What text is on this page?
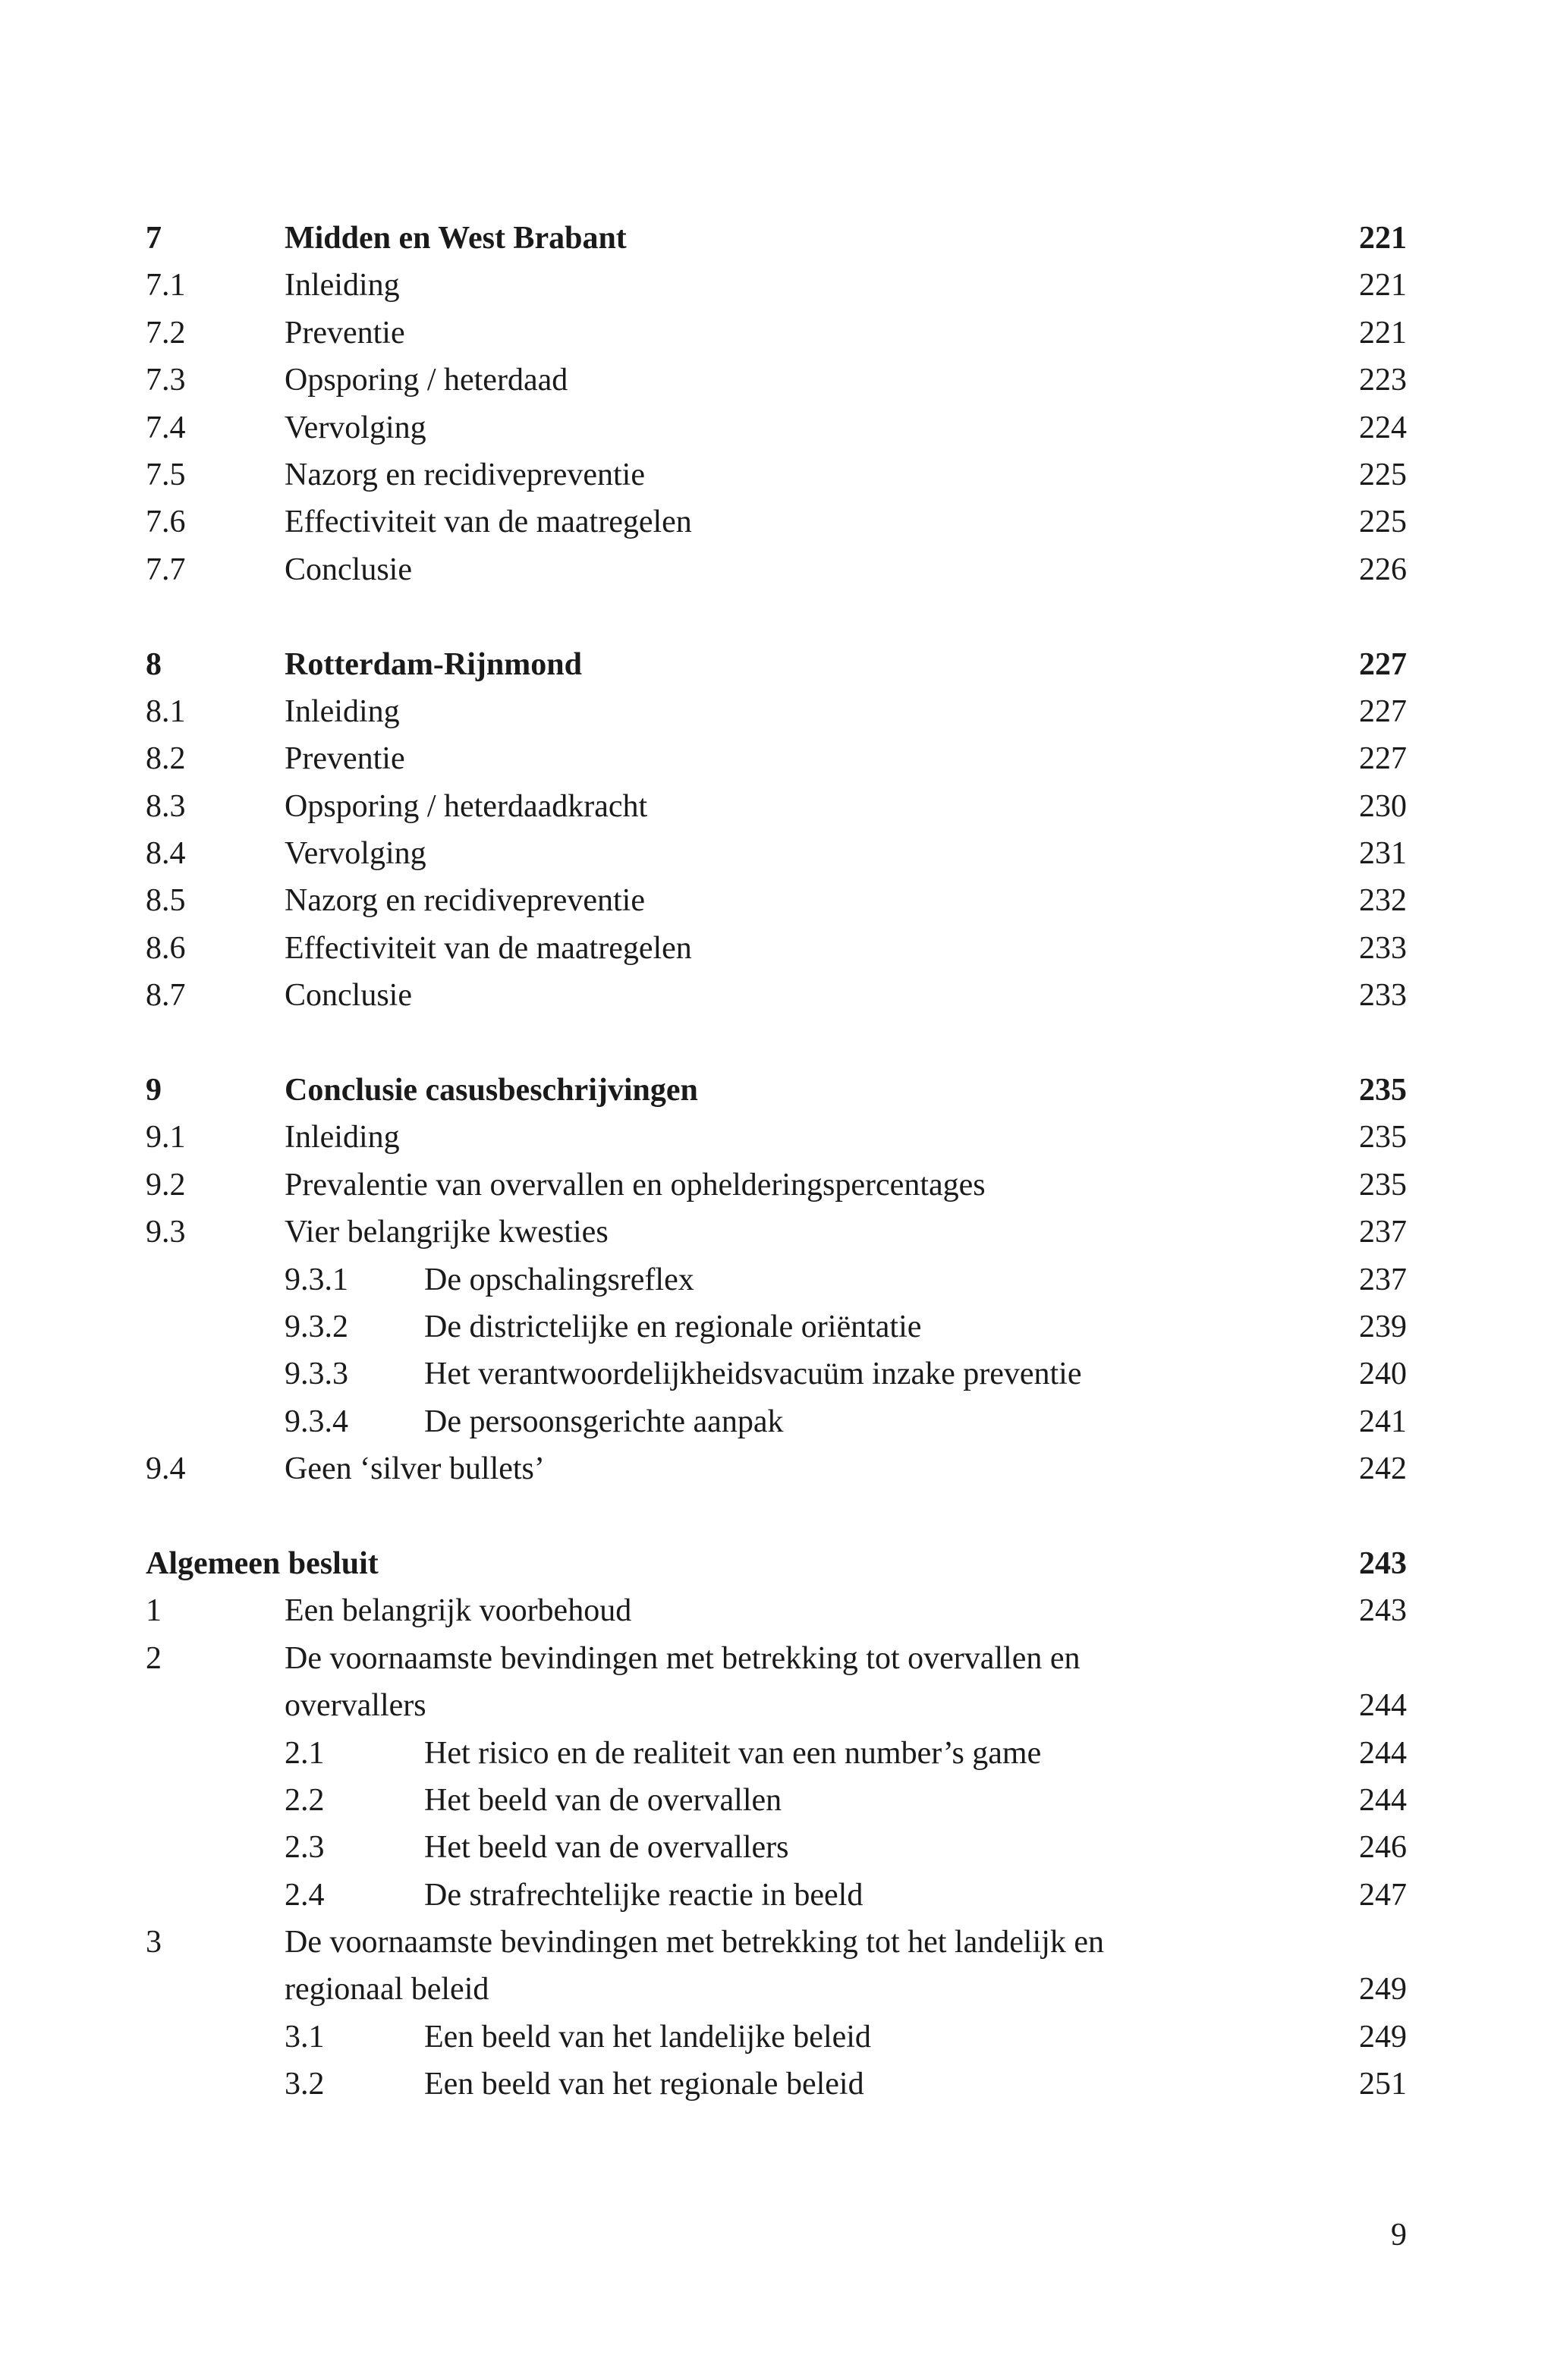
7	Midden en West Brabant	221
7.1	Inleiding	221
7.2	Preventie	221
7.3	Opsporing / heterdaad	223
7.4	Vervolging	224
7.5	Nazorg en recidivepreventie	225
7.6	Effectiviteit van de maatregelen	225
7.7	Conclusie	226
8	Rotterdam-Rijnmond	227
8.1	Inleiding	227
8.2	Preventie	227
8.3	Opsporing / heterdaadkracht	230
8.4	Vervolging	231
8.5	Nazorg en recidivepreventie	232
8.6	Effectiviteit van de maatregelen	233
8.7	Conclusie	233
9	Conclusie casusbeschrijvingen	235
9.1	Inleiding	235
9.2	Prevalentie van overvallen en ophelderingspercentages	235
9.3	Vier belangrijke kwesties	237
9.3.1 De opschalingsreflex	237
9.3.2 De districtelijke en regionale oriëntatie	239
9.3.3 Het verantwoordelijkheidsvacuüm inzake preventie	240
9.3.4 De persoonsgerichte aanpak	241
9.4	Geen ‘silver bullets’	242
Algemeen besluit	243
1	Een belangrijk voorbehoud	243
2	De voornaamste bevindingen met betrekking tot overvallen en
overvallers	244
2.1	Het risico en de realiteit van een number’s game	244
2.2	Het beeld van de overvallen	244
2.3	Het beeld van de overvallers	246
2.4	De strafrechtelijke reactie in beeld	247
3	De voornaamste bevindingen met betrekking tot het landelijk en
regionaal beleid	249
3.1	Een beeld van het landelijke beleid	249
3.2	Een beeld van het regionale beleid	251
9
